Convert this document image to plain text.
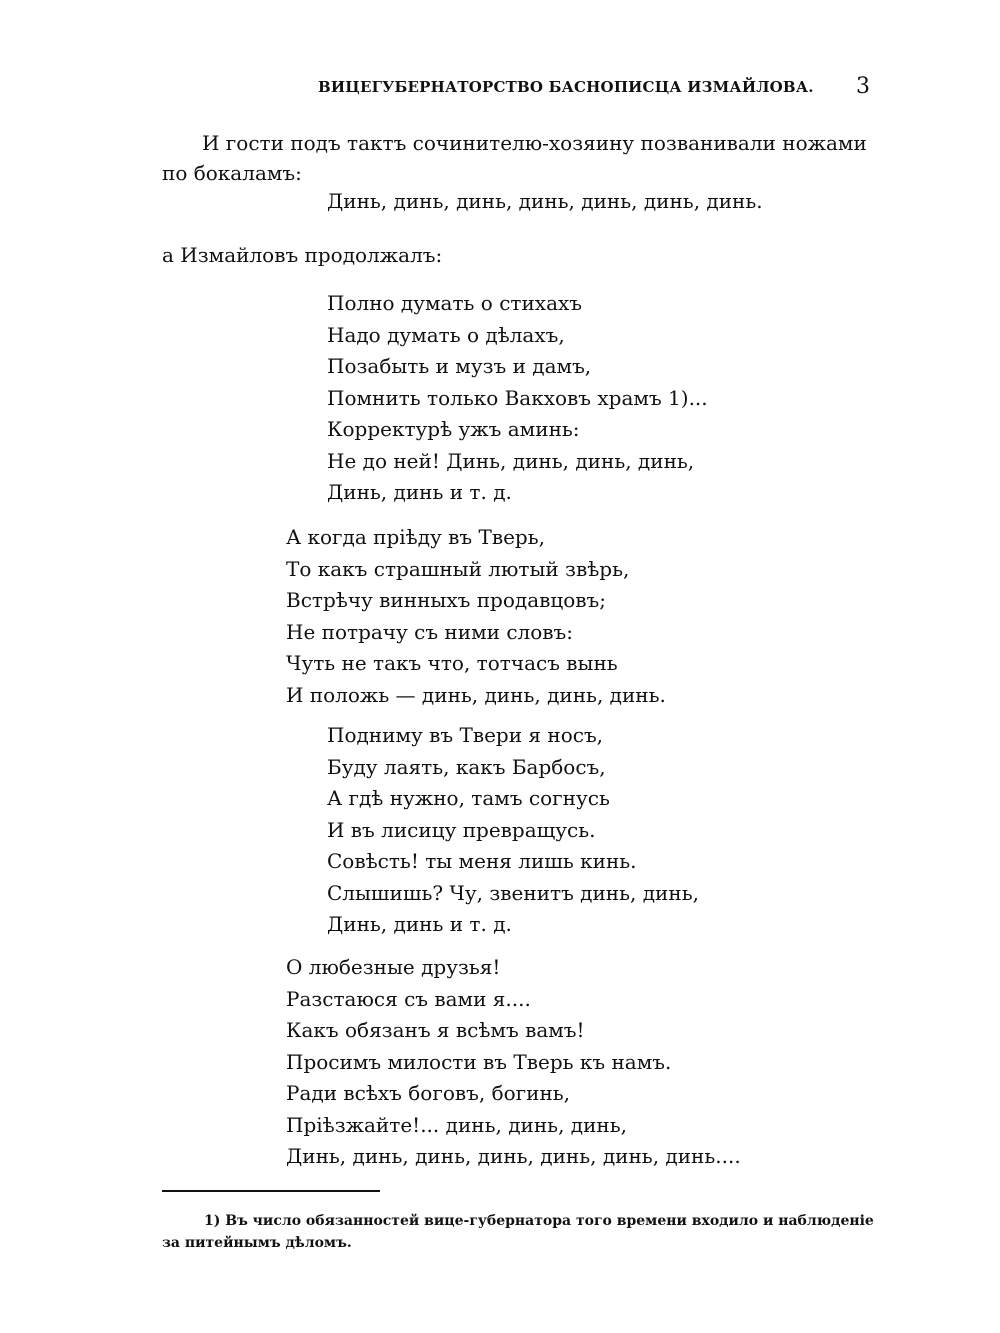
ВИЦЕГУБЕРНАТОРСТВО БАСНОПИСЦА ИЗМАЙЛОВА. 3
И гости подъ тактъ сочинителю-хозяину позванивали ножами по бокаламъ:
Динь, динь, динь, динь, динь, динь, динь.
а Измайловъ продолжалъ:
Полно думать о стихахъ
Надо думать о дѣлахъ,
Позабыть и музъ и дамъ,
Помнить только Вакховъ храмъ 1)...
Корректурѣ ужъ аминь:
Не до ней! Динь, динь, динь, динь,
Динь, динь и т. д.
А когда пріѣду въ Тверь,
То какъ страшный лютый звѣрь,
Встрѣчу винныхъ продавцовъ;
Не потрачу съ ними словъ:
Чуть не такъ что, тотчасъ вынь
И положь — динь, динь, динь, динь.
Подниму въ Твери я носъ,
Буду лаять, какъ Барбосъ,
А гдѣ нужно, тамъ согнусь
И въ лисицу превращусь.
Совѣсть! ты меня лишь кинь.
Слышишь? Чу, звенитъ динь, динь,
Динь, динь и т. д.
О любезные друзья!
Разстаюся съ вами я....
Какъ обязанъ я всѣмъ вамъ!
Просимъ милости въ Тверь къ намъ.
Ради всѣхъ боговъ, богинь,
Пріѣзжайте!... динь, динь, динь,
Динь, динь, динь, динь, динь, динь, динь....
1) Въ число обязанностей вице-губернатора того времени входило и наблюденіе за питейнымъ дѣломъ.
